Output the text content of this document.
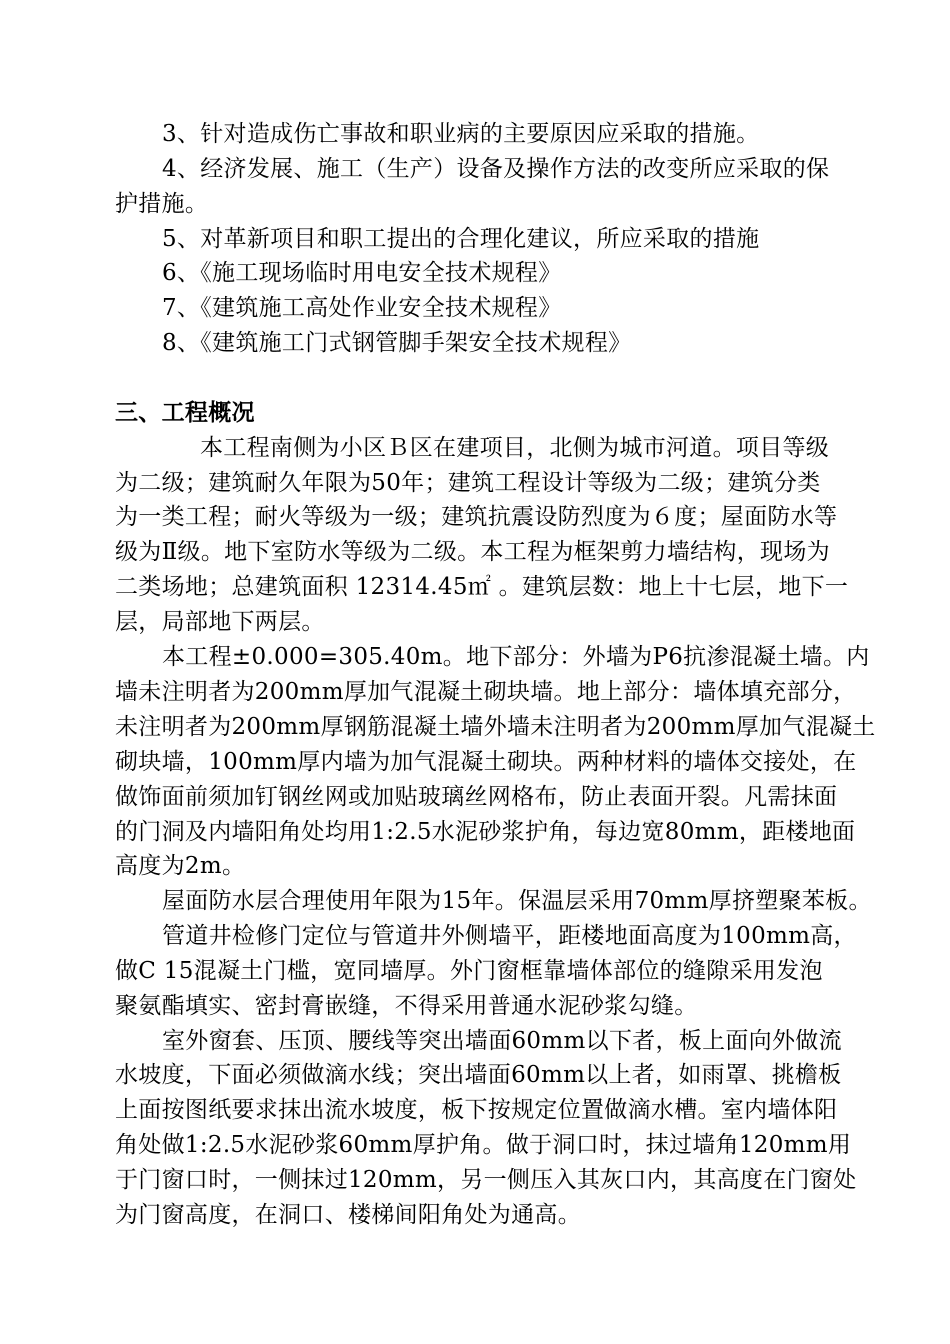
3、针对造成伤亡事故和职业病的主要原因应采取的措施。
4、经济发展、施工（生产）设备及操作方法的改变所应采取的保
护措施。
5、对革新项目和职工提出的合理化建议，所应采取的措施
6、《施工现场临时用电安全技术规程》
7、《建筑施工高处作业安全技术规程》
8、《建筑施工门式钢管脚手架安全技术规程》
三、工程概况
本工程南侧为小区Ｂ区在建项目，北侧为城市河道。项目等级
为二级；建筑耐久年限为50年；建筑工程设计等级为二级；建筑分类
为一类工程；耐火等级为一级；建筑抗震设防烈度为６度；屋面防水等
级为Ⅱ级。地下室防水等级为二级。本工程为框架剪力墙结构，现场为
二类场地；总建筑面积 12314.45㎡ 。建筑层数：地上十七层，地下一
层，局部地下两层。
本工程±0.000=305.40m。地下部分：外墙为P6抗渗混凝土墙。内
墙未注明者为200mm厚加气混凝土砌块墙。地上部分：墙体填充部分，
未注明者为200mm厚钢筋混凝土墙外墙未注明者为200mm厚加气混凝土
砌块墙，100mm厚内墙为加气混凝土砌块。两种材料的墙体交接处，在
做饰面前须加钉钢丝网或加贴玻璃丝网格布，防止表面开裂。凡需抹面
的门洞及内墙阳角处均用1:2.5水泥砂浆护角，每边宽80mm，距楼地面
高度为2m。
屋面防水层合理使用年限为15年。保温层采用70mm厚挤塑聚苯板。
管道井检修门定位与管道井外侧墙平，距楼地面高度为100mm高，
做C 15混凝土门槛，宽同墙厚。外门窗框靠墙体部位的缝隙采用发泡
聚氨酯填实、密封膏嵌缝，不得采用普通水泥砂浆勾缝。
室外窗套、压顶、腰线等突出墙面60mm以下者，板上面向外做流
水坡度，下面必须做滴水线；突出墙面60mm以上者，如雨罩、挑檐板
上面按图纸要求抹出流水坡度，板下按规定位置做滴水槽。室内墙体阳
角处做1:2.5水泥砂浆60mm厚护角。做于洞口时，抹过墙角120mm用
于门窗口时，一侧抹过120mm，另一侧压入其灰口内，其高度在门窗处
为门窗高度，在洞口、楼梯间阳角处为通高。
